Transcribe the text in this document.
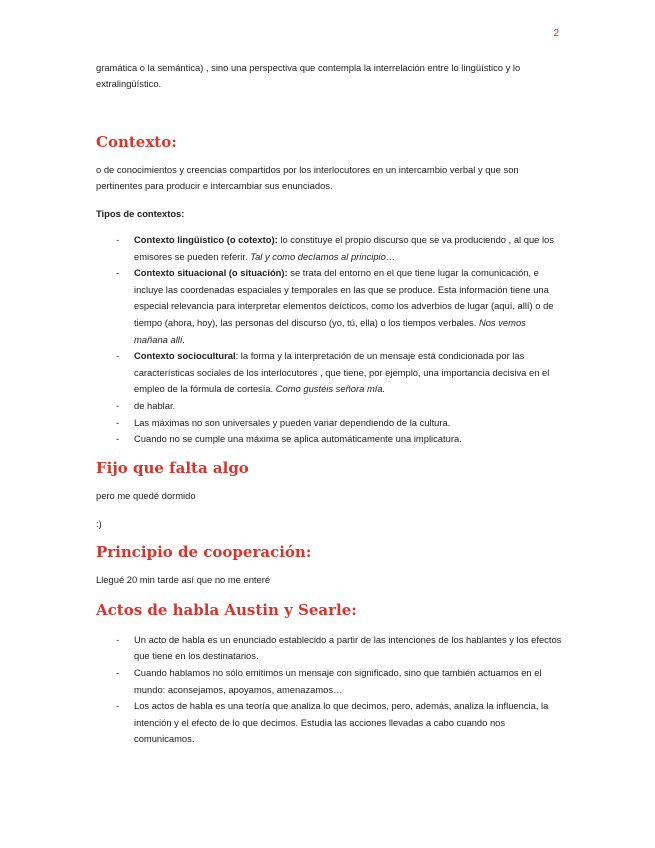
2

gramática o la semántica) , sino una perspectiva que contempla la interrelación entre lo lingüístico y lo extralingüístico.

Contexto:

o de conocimientos y creencias compartidos por los interlocutores en un intercambio verbal y que son pertinentes para producir e intercambiar sus enunciados.

Tipos de contextos:

- Contexto lingüístico (o cotexto): lo constituye el propio discurso que se va produciendo , al que los emisores se pueden referir. Tal y como decíamos al principio…
- Contexto situacional (o situación): se trata del entorno en el que tiene lugar la comunicación, e incluye las coordenadas espaciales y temporales en las que se produce. Esta información tiene una especial relevancia para interpretar elementos deícticos, como los adverbios de lugar (aquí, allí) o de tiempo (ahora, hoy), las personas del discurso (yo, tú, ella) o los tiempos verbales. Nos vemos mañana allí.
- Contexto sociocultural: la forma y la interpretación de un mensaje está condicionada por las características sociales de los interlocutores , que tiene, por ejemplo, una importancia decisiva en el empleo de la fórmula de cortesía. Como gustéis señora mía.
- de hablar.
- Las máximas no son universales y pueden variar dependiendo de la cultura.
- Cuando no se cumple una máxima se aplica automáticamente una implicatura.
Fijo que falta algo

pero me quedé dormido

:)

Principio de cooperación:

Llegué 20 min tarde así que no me enteré

Actos de habla Austin y Searle:
- Un acto de habla es un enunciado establecido a partir de las intenciones de los hablantes y los efectos que tiene en los destinatarios.
- Cuando hablamos no sólo emitimos un mensaje con significado, sino que también actuamos en el mundo: aconsejamos, apoyamos, amenazamos…
- Los actos de habla es una teoría que analiza lo que decimos, pero, además, analiza la influencia, la intención y el efecto de lo que decimos. Estudia las acciones llevadas a cabo cuando nos comunicamos.
